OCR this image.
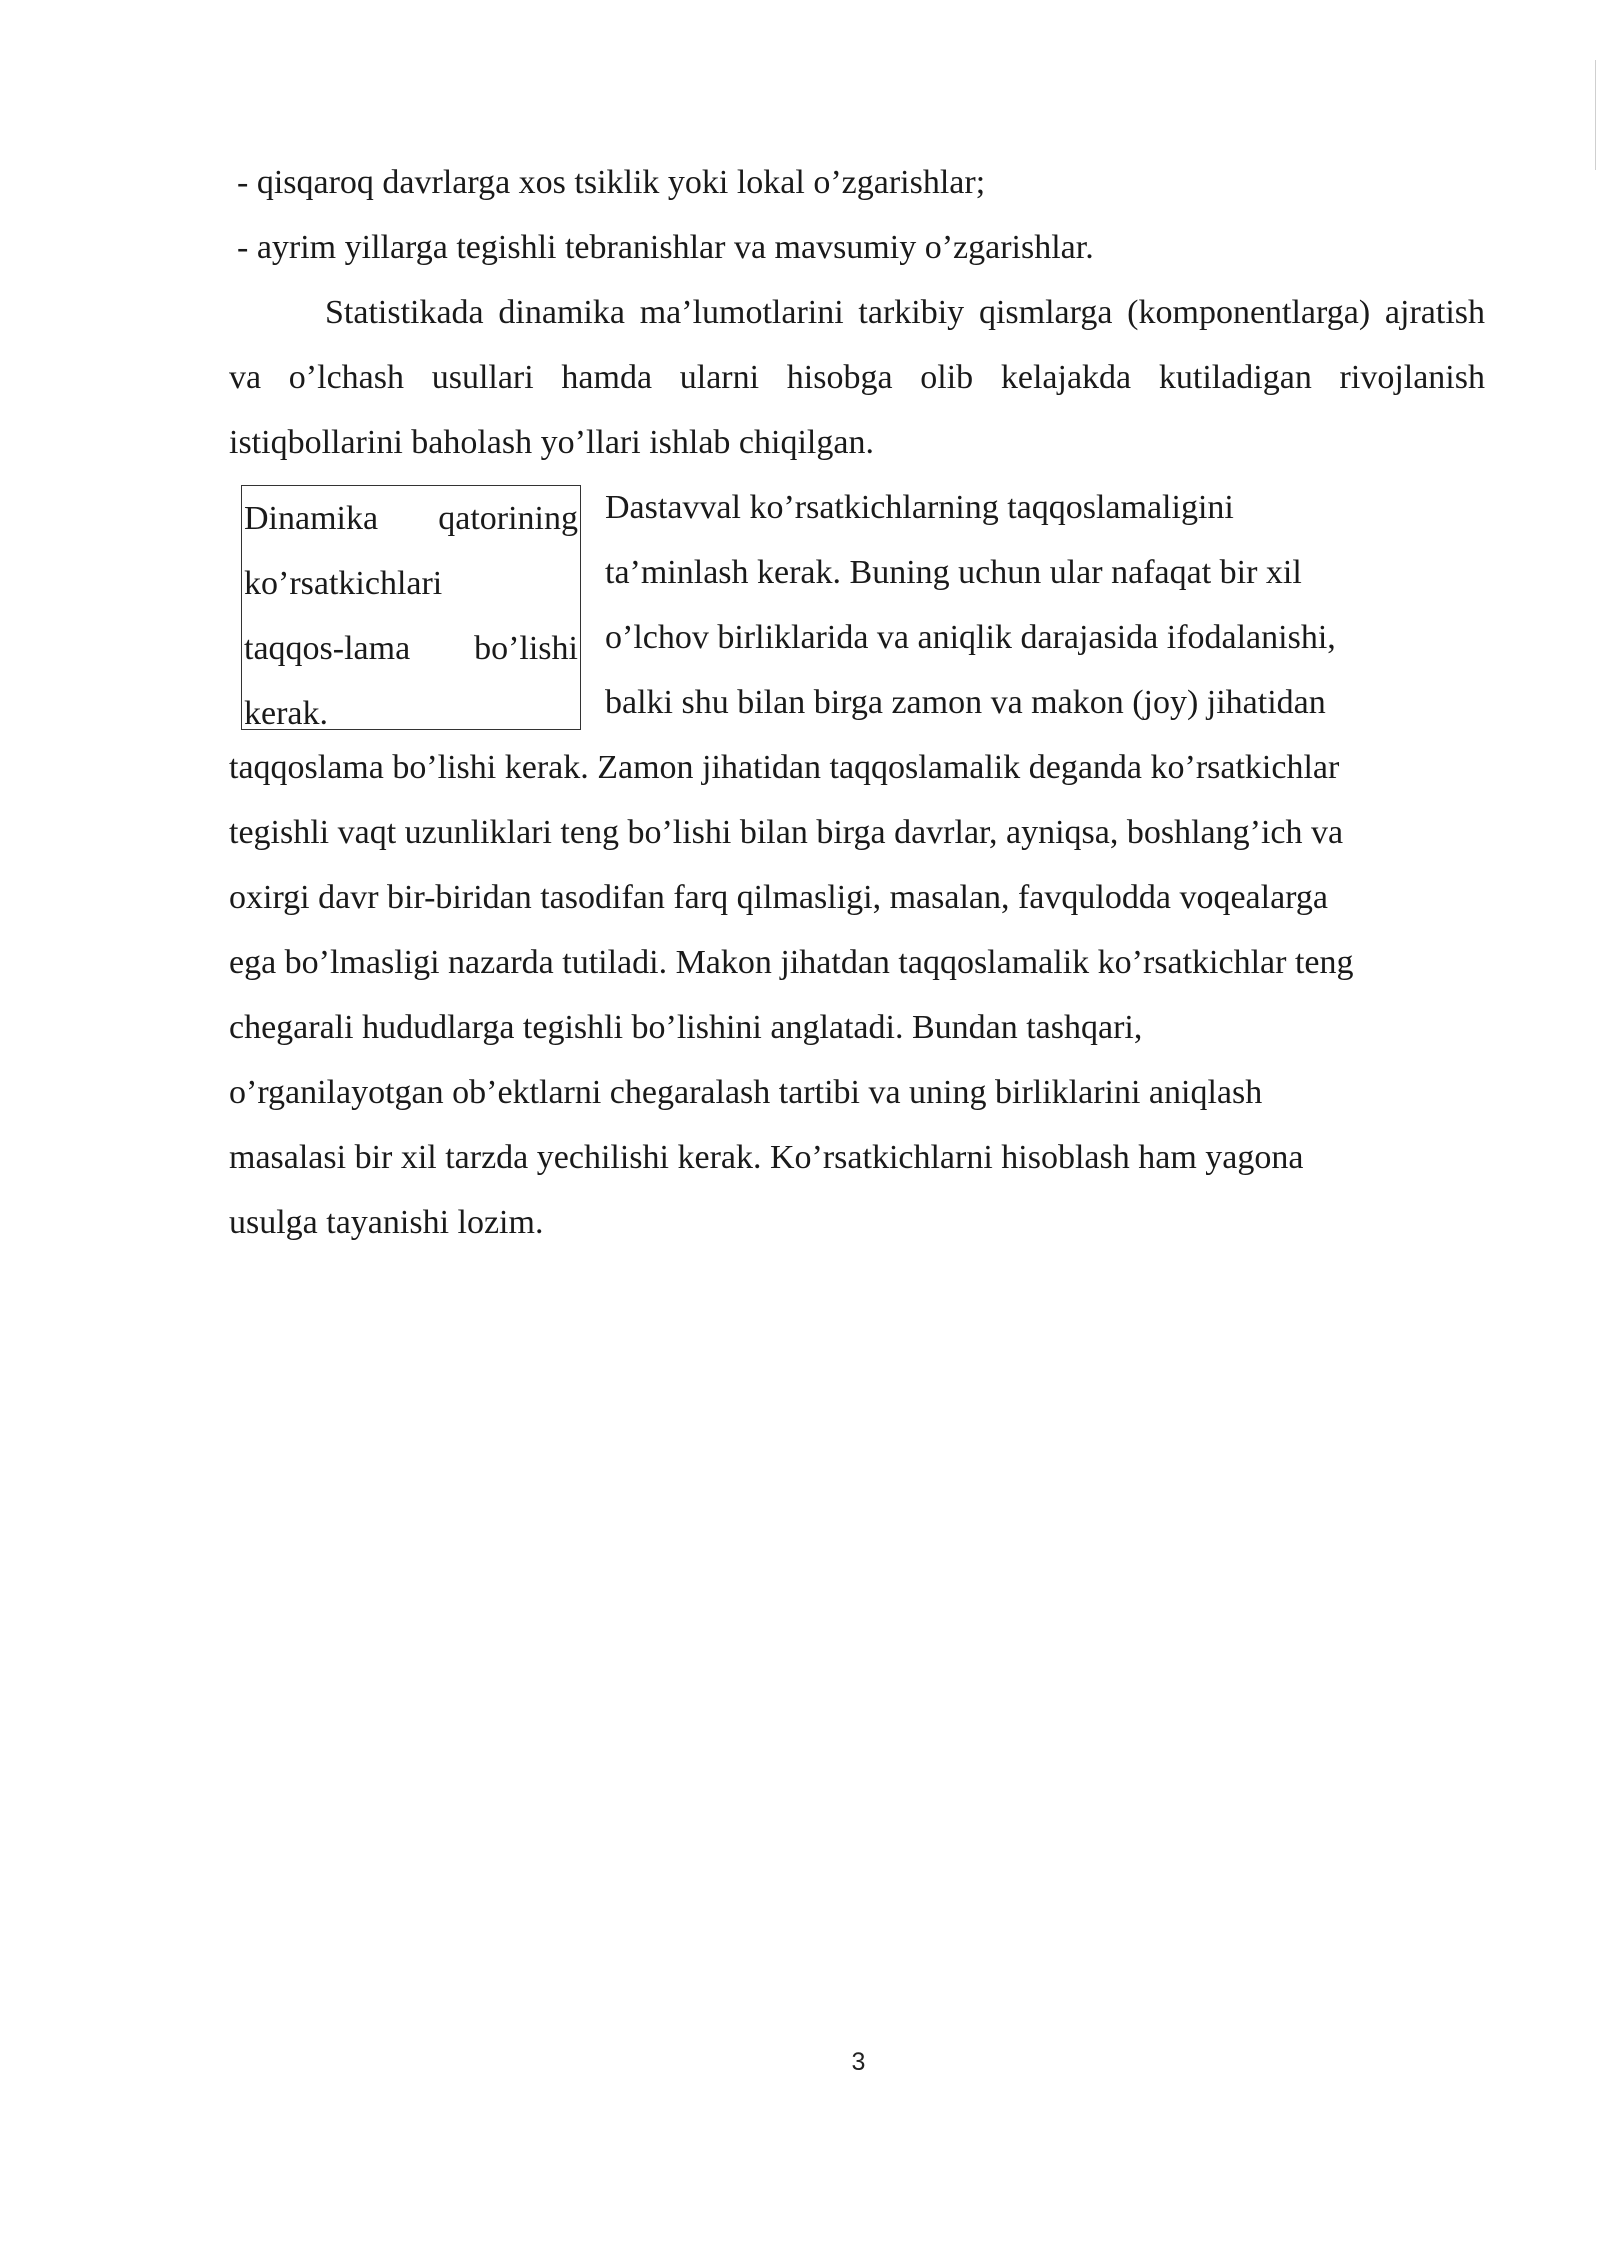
- qisqaroq davrlarga xos tsiklik yoki lokal o’zgarishlar;

- ayrim yillarga tegishli tebranishlar va mavsumiy o’zgarishlar.

Statistikada dinamika ma’lumotlarini tarkibiy qismlarga (komponentlarga) ajratish va o’lchash usullari hamda ularni hisobga olib kelajakda kutiladigan rivojlanish istiqbollarini baholash yo’llari ishlab chiqilgan.

Dinamika qatorining
ko’rsatkichlari
taqqos-lama bo’lishi
kerak.
Dastavval ko’rsatkichlarning taqqoslamaligini
ta’minlash kerak. Buning uchun ular nafaqat bir xil
o’lchov birliklarida va aniqlik darajasida ifodalanishi,
balki shu bilan birga zamon va makon (joy) jihatidan
taqqoslama bo’lishi kerak. Zamon jihatidan taqqoslamalik deganda ko’rsatkichlar
tegishli vaqt uzunliklari teng bo’lishi bilan birga davrlar, ayniqsa, boshlang’ich va
oxirgi davr bir-biridan tasodifan farq qilmasligi, masalan, favqulodda voqealarga
ega bo’lmasligi nazarda tutiladi. Makon jihatdan taqqoslamalik ko’rsatkichlar teng
chegarali hududlarga tegishli bo’lishini anglatadi. Bundan tashqari,
o’rganilayotgan ob’ektlarni chegaralash tartibi va uning birliklarini aniqlash
masalasi bir xil tarzda yechilishi kerak. Ko’rsatkichlarni hisoblash ham yagona
usulga tayanishi lozim.
3
